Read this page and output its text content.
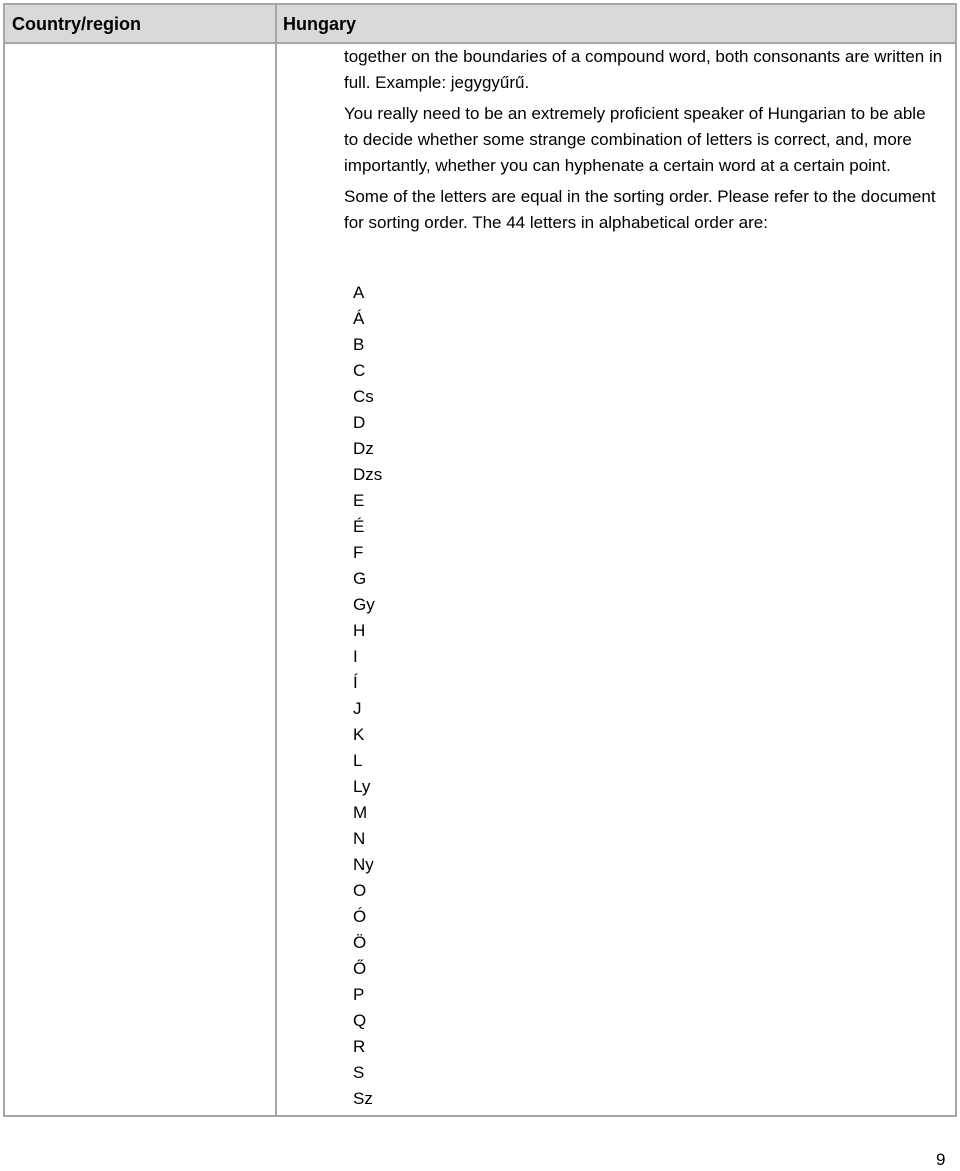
Country/region	Hungary

together on the boundaries of a compound word, both consonants are written in full. Example: jegygyűrű.

You really need to be an extremely proficient speaker of Hungarian to be able to decide whether some strange combination of letters is correct, and, more importantly, whether you can hyphenate a certain word at a certain point.

Some of the letters are equal in the sorting order. Please refer to the document for sorting order. The 44 letters in alphabetical order are:

A
Á
B
C
Cs
D
Dz
Dzs
E
É
F
G
Gy
H
I
Í
J
K
L
Ly
M
N
Ny
O
Ó
Ö
Ő
P
Q
R
S
Sz
9
